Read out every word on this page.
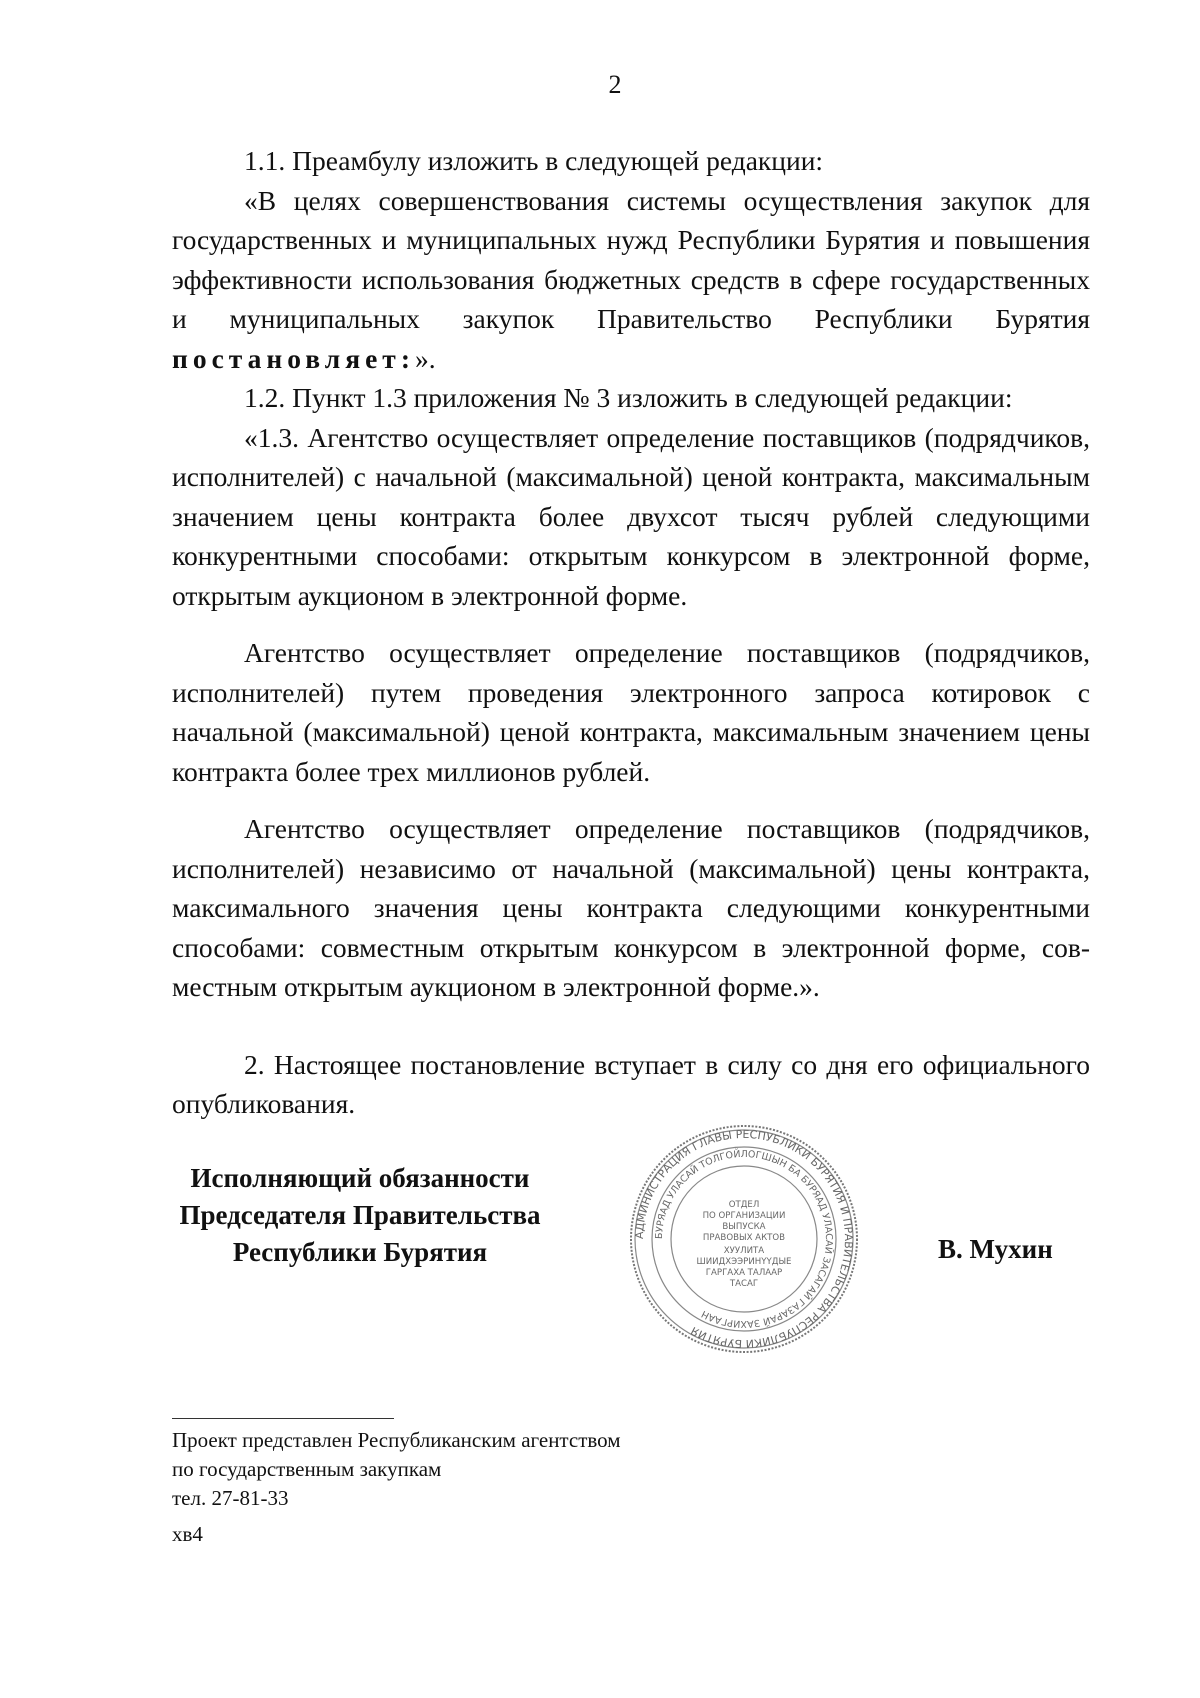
2

1.1. Преамбулу изложить в следующей редакции:

«В целях совершенствования системы осуществления закупок для государственных и муниципальных нужд Республики Бурятия и повышения эффективности использования бюджетных средств в сфере государственных и муниципальных закупок Правительство Республики Бурятия постановляет:».

1.2. Пункт 1.3 приложения № 3 изложить в следующей редакции:

«1.3. Агентство осуществляет определение поставщиков (подрядчиков, исполнителей) с начальной (максимальной) ценой контракта, максимальным значением цены контракта более двухсот тысяч рублей следующими конкурентными способами: открытым конкурсом в электронной форме, открытым аукционом в электронной форме.

Агентство осуществляет определение поставщиков (подрядчиков, исполнителей) путем проведения электронного запроса котировок с начальной (максимальной) ценой контракта, максимальным значением цены контракта более трех миллионов рублей.

Агентство осуществляет определение поставщиков (подрядчиков, исполнителей) независимо от начальной (максимальной) цены контракта, максимального значения цены контракта следующими конкурентными способами: совместным открытым конкурсом в электронной форме, совместным открытым аукционом в электронной форме.».

2. Настоящее постановление вступает в силу со дня его официального опубликования.

Исполняющий обязанности
Председателя Правительства
Республики Бурятия
АДМИНИСТРАЦИЯ ГЛАВЫ РЕСПУБЛИКИ БУРЯТИЯ И ПРАВИТЕЛЬСТВА РЕСПУБЛИКИ БУРЯТИЯ
БУРЯАД УЛАСАЙ ТОЛГОЙЛОГШЫН БА БУРЯАД УЛАСАЙ ЗАСАГАЙ ГАЗАРАЙ ЗАХИРГААН
ОТДЕЛ
ПО ОРГАНИЗАЦИИ
ВЫПУСКА
ПРАВОВЫХ АКТОВ
ХУУЛИТА
ШИИДХЭЭРИНҮҮДЫЕ
ГАРГАХА ТАЛААР
ТАСАГ
В. Мухин
Проект представлен Республиканским агентством
по государственным закупкам
тел. 27-81-33
хв4
